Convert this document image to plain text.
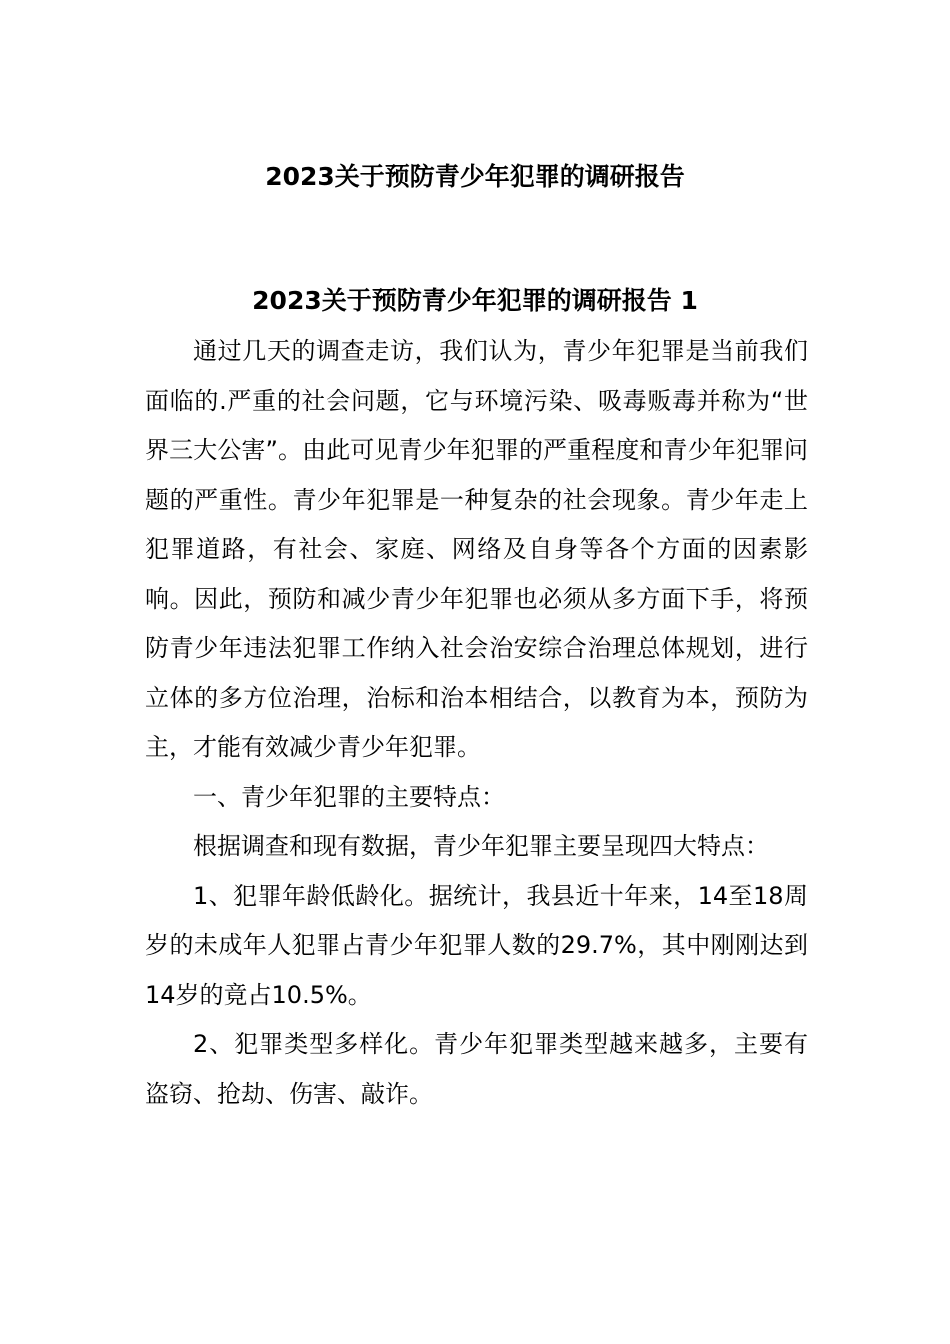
2023关于预防青少年犯罪的调研报告
2023关于预防青少年犯罪的调研报告 1

通过几天的调查走访，我们认为，青少年犯罪是当前我们面临的.严重的社会问题，它与环境污染、吸毒贩毒并称为“世界三大公害”。由此可见青少年犯罪的严重程度和青少年犯罪问题的严重性。青少年犯罪是一种复杂的社会现象。青少年走上犯罪道路，有社会、家庭、网络及自身等各个方面的因素影响。因此，预防和减少青少年犯罪也必须从多方面下手，将预防青少年违法犯罪工作纳入社会治安综合治理总体规划，进行立体的多方位治理，治标和治本相结合，以教育为本，预防为主，才能有效减少青少年犯罪。

一、青少年犯罪的主要特点：

根据调查和现有数据，青少年犯罪主要呈现四大特点：

1、犯罪年龄低龄化。据统计，我县近十年来，14至18周岁的未成年人犯罪占青少年犯罪人数的29.7%，其中刚刚达到14岁的竟占10.5%。

2、犯罪类型多样化。青少年犯罪类型越来越多，主要有盗窃、抢劫、伤害、敲诈。
